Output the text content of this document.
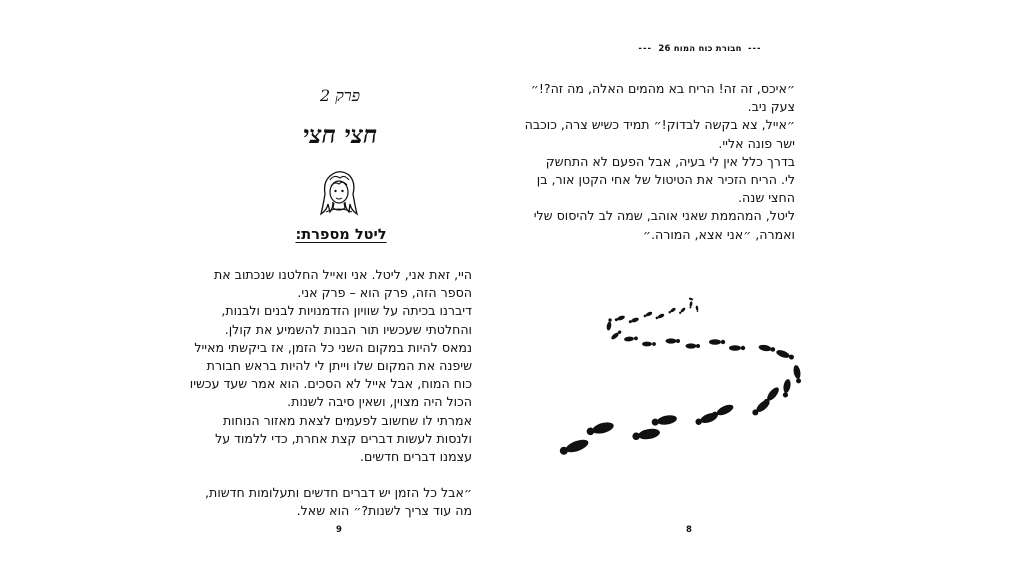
פרק 2
חצי חצי
ליטל מספרת:

היי, זאת אני, ליטל. אני ואייל החלטנו שנכתוב את
הספר הזה, פרק הוא – פרק אני.

דיברנו בכיתה על שוויון הזדמנויות לבנים ולבנות,
והחלטתי שעכשיו תור הבנות להשמיע את קולן.
נמאס להיות במקום השני כל הזמן, אז ביקשתי מאייל
שיפנה את המקום שלו וייתן לי להיות בראש חבורת
כוח המוח, אבל אייל לא הסכים. הוא אמר שעד עכשיו
הכול היה מצוין, ושאין סיבה לשנות.

אמרתי לו שחשוב לפעמים לצאת מאזור הנוחות
ולנסות לעשות דברים קצת אחרת, כדי ללמוד על
עצמנו דברים חדשים.

״אבל כל הזמן יש דברים חדשים ותעלומות חדשות,
מה עוד צריך לשנות?״ הוא שאל.

9
---  חבורת כוח המוח 26  ---

״איכס, זה זה! הריח בא מהמים האלה, מה זה?!״
צעק ניב.

״אייל, צא בקשה לבדוק!״ תמיד כשיש צרה, כוכבה
ישר פונה אליי.

בדרך כלל אין לי בעיה, אבל הפעם לא התחשק
לי. הריח הזכיר את הטיטול של אחי הקטן אור, בן
החצי שנה.

ליטל, המהממת שאני אוהב, שמה לב להיסוס שלי
ואמרה, ״אני אצא, המורה.״

8
